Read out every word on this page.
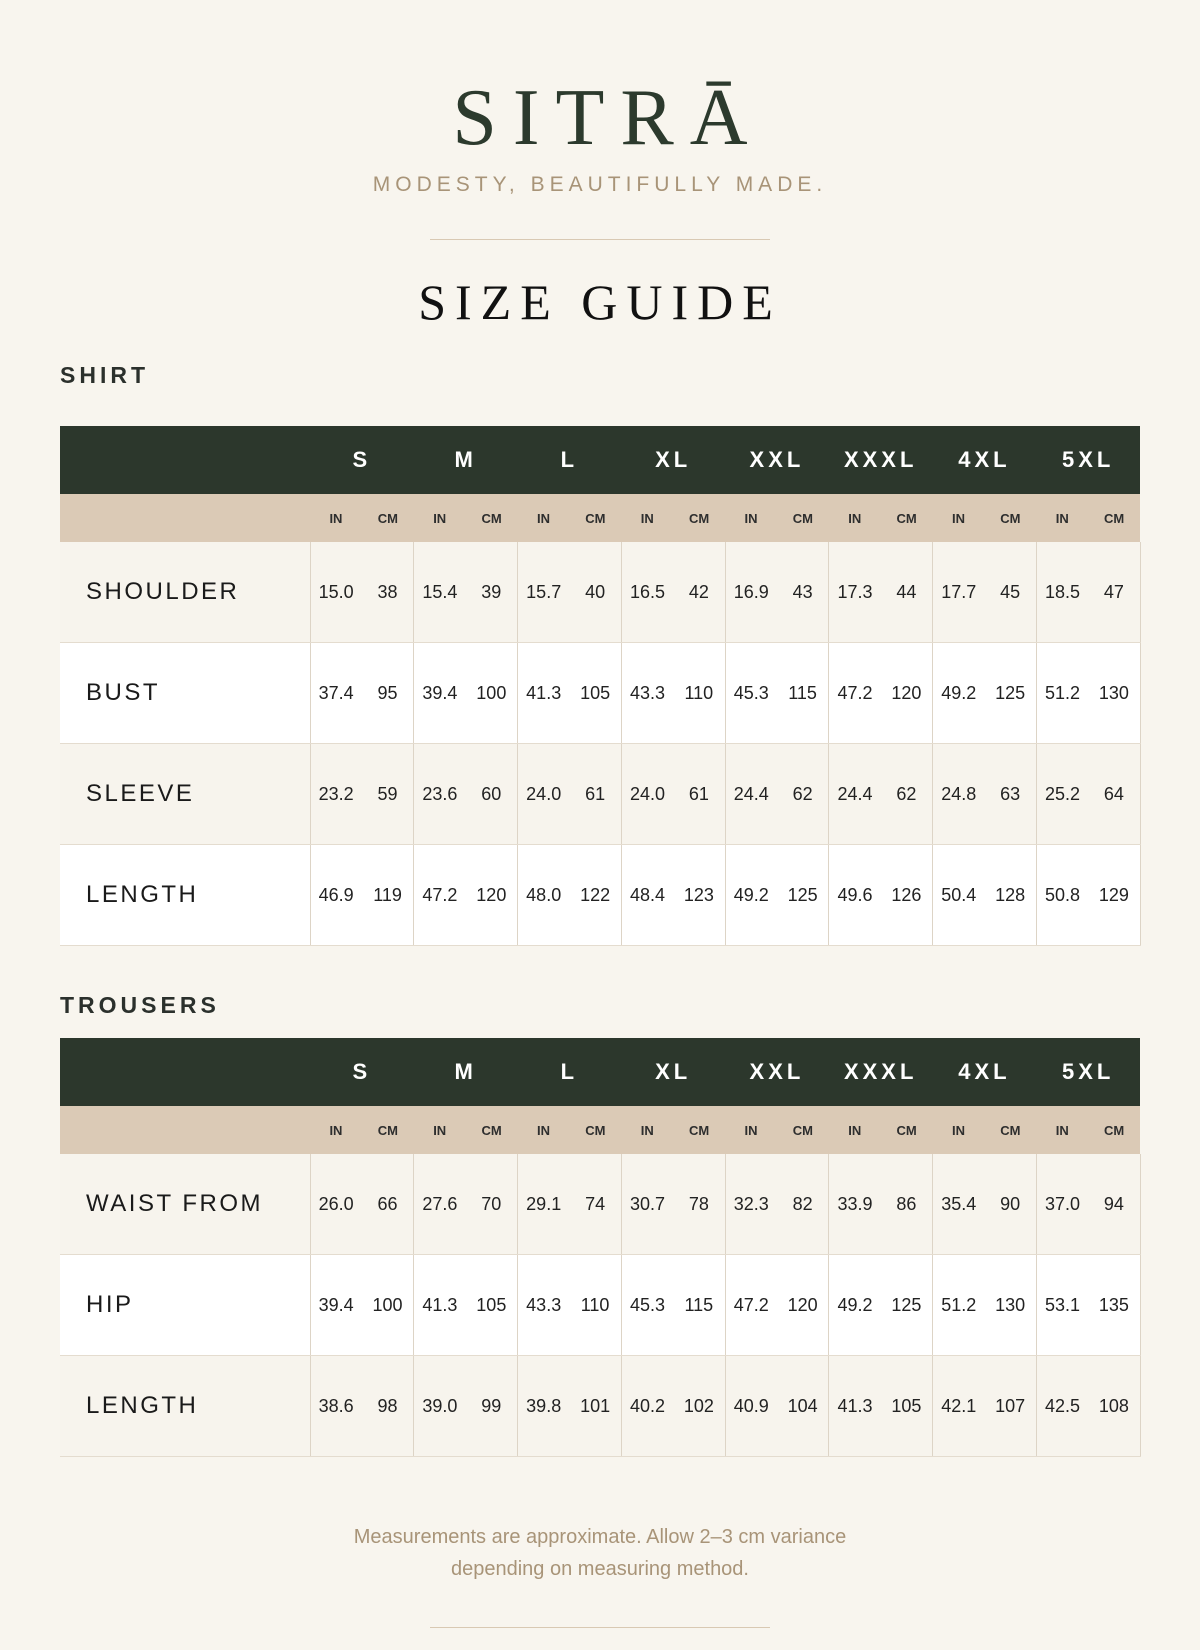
SITRĀ
MODESTY, BEAUTIFULLY MADE.
SIZE GUIDE
SHIRT
	S		M		L		XL		XXL		XXXL		4XL		5XL	
	IN	CM	IN	CM	IN	CM	IN	CM	IN	CM	IN	CM	IN	CM	IN	CM
SHOULDER	15.0	38	15.4	39	15.7	40	16.5	42	16.9	43	17.3	44	17.7	45	18.5	47
BUST	37.4	95	39.4	100	41.3	105	43.3	110	45.3	115	47.2	120	49.2	125	51.2	130
SLEEVE	23.2	59	23.6	60	24.0	61	24.0	61	24.4	62	24.4	62	24.8	63	25.2	64
LENGTH	46.9	119	47.2	120	48.0	122	48.4	123	49.2	125	49.6	126	50.4	128	50.8	129
TROUSERS
	S		M		L		XL		XXL		XXXL		4XL		5XL	
	IN	CM	IN	CM	IN	CM	IN	CM	IN	CM	IN	CM	IN	CM	IN	CM
WAIST FROM	26.0	66	27.6	70	29.1	74	30.7	78	32.3	82	33.9	86	35.4	90	37.0	94
HIP	39.4	100	41.3	105	43.3	110	45.3	115	47.2	120	49.2	125	51.2	130	53.1	135
LENGTH	38.6	98	39.0	99	39.8	101	40.2	102	40.9	104	41.3	105	42.1	107	42.5	108
Measurements are approximate. Allow 2–3 cm variance
depending on measuring method.
